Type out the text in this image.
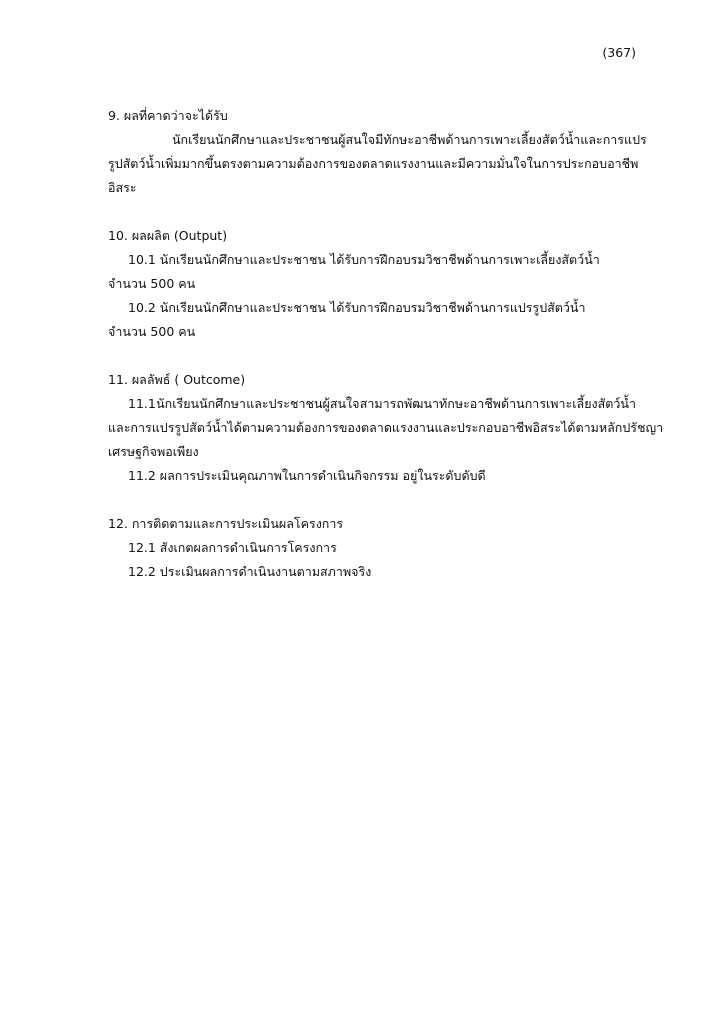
(367)
9. ผลที่คาดว่าจะได้รับ
นักเรียนนักศึกษา และประชาชนผู้สนใจ มีทักษะอาชีพด้านการเพาะเลี้ยงสัตว์น้ำ และการแปร
รูปสัตว์น้ำ เพิ่มมากขึ้นตรงตามความต้องการของตลาดแรงงาน และมีความมั่นใจในการประกอบอาชีพ
อิสระ
10. ผลผลิต (Output)
10.1 นักเรียนนักศึกษาและประชาชน ได้รับการฝึกอบรมวิชาชีพด้านการเพาะเลี้ยงสัตว์น้ำ
จำนวน 500 คน
10.2 นักเรียนนักศึกษาและประชาชน ได้รับการฝึกอบรมวิชาชีพด้านการแปรรูปสัตว์น้ำ
จำนวน 500 คน
11. ผลลัพธ์ ( Outcome)
11.1 นักเรียนนักศึกษา และประชาชนผู้สนใจ สามารถพัฒนาทักษะอาชีพด้านการเพาะเลี้ยงสัตว์น้ำ
และการแปรรูปสัตว์น้ำได้ตามความต้องการของตลาดแรงงานและประกอบอาชีพอิสระได้ตามหลักปรัชญา
เศรษฐกิจพอเพียง
11.2 ผลการประเมินคุณภาพในการดำเนินกิจกรรม อยู่ในระดับดับดี
12. การติดตามและการประเมินผลโครงการ
12.1 สังเกตผลการดำเนินการโครงการ
12.2 ประเมินผลการดำเนินงานตามสภาพจริง
